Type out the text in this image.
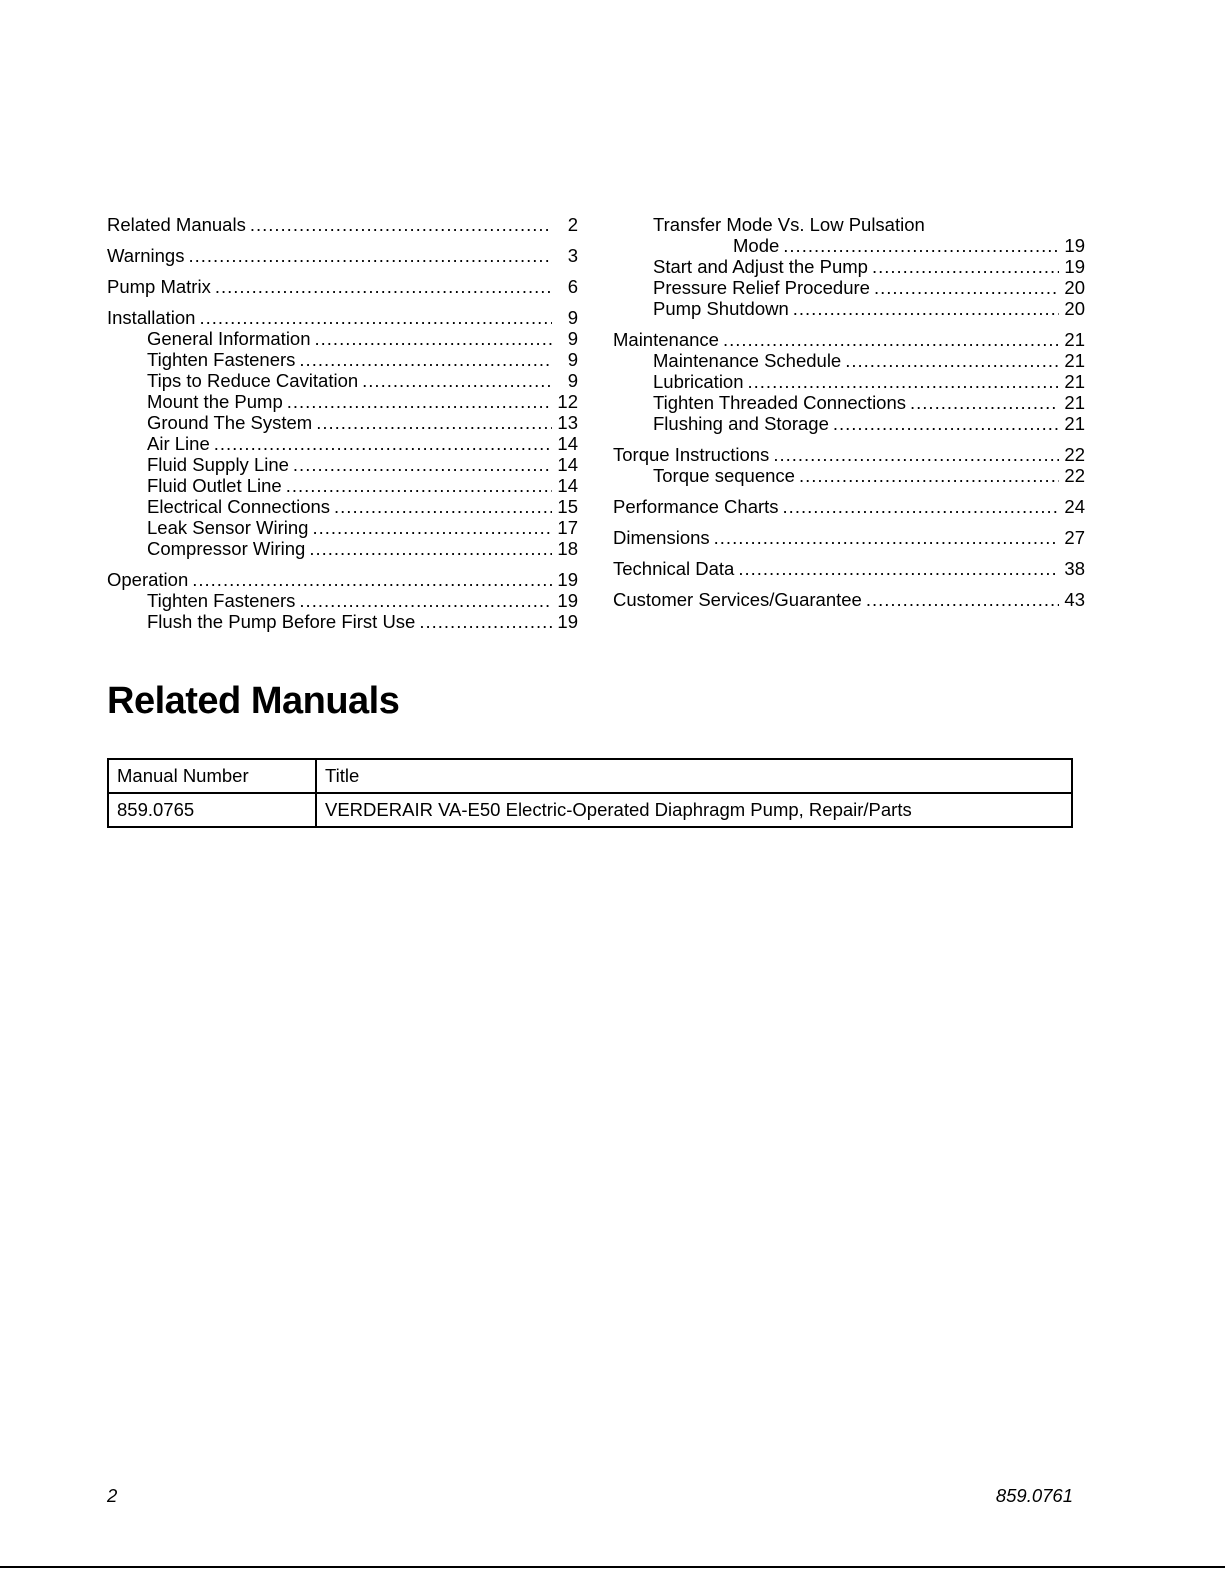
Related Manuals .....	2
Warnings .....	3
Pump Matrix .....	6
Installation .....	9
General Information .....	9
Tighten Fasteners .....	9
Tips to Reduce Cavitation .....	9
Mount the Pump .....	12
Ground The System .....	13
Air Line .....	14
Fluid Supply Line .....	14
Fluid Outlet Line .....	14
Electrical Connections .....	15
Leak Sensor Wiring .....	17
Compressor Wiring .....	18
Operation .....	19
Tighten Fasteners .....	19
Flush the Pump Before First Use .....	19
Transfer Mode Vs. Low Pulsation
Mode .....	19
Start and Adjust the Pump .....	19
Pressure Relief Procedure .....	20
Pump Shutdown .....	20
Maintenance .....	21
Maintenance Schedule .....	21
Lubrication .....	21
Tighten Threaded Connections .....	21
Flushing and Storage .....	21
Torque Instructions .....	22
Torque sequence .....	22
Performance Charts .....	24
Dimensions .....	27
Technical Data .....	38
Customer Services/Guarantee .....	43
Related Manuals
Manual Number	Title
859.0765	VERDERAIR VA-E50 Electric-Operated Diaphragm Pump, Repair/Parts
2	859.0761
